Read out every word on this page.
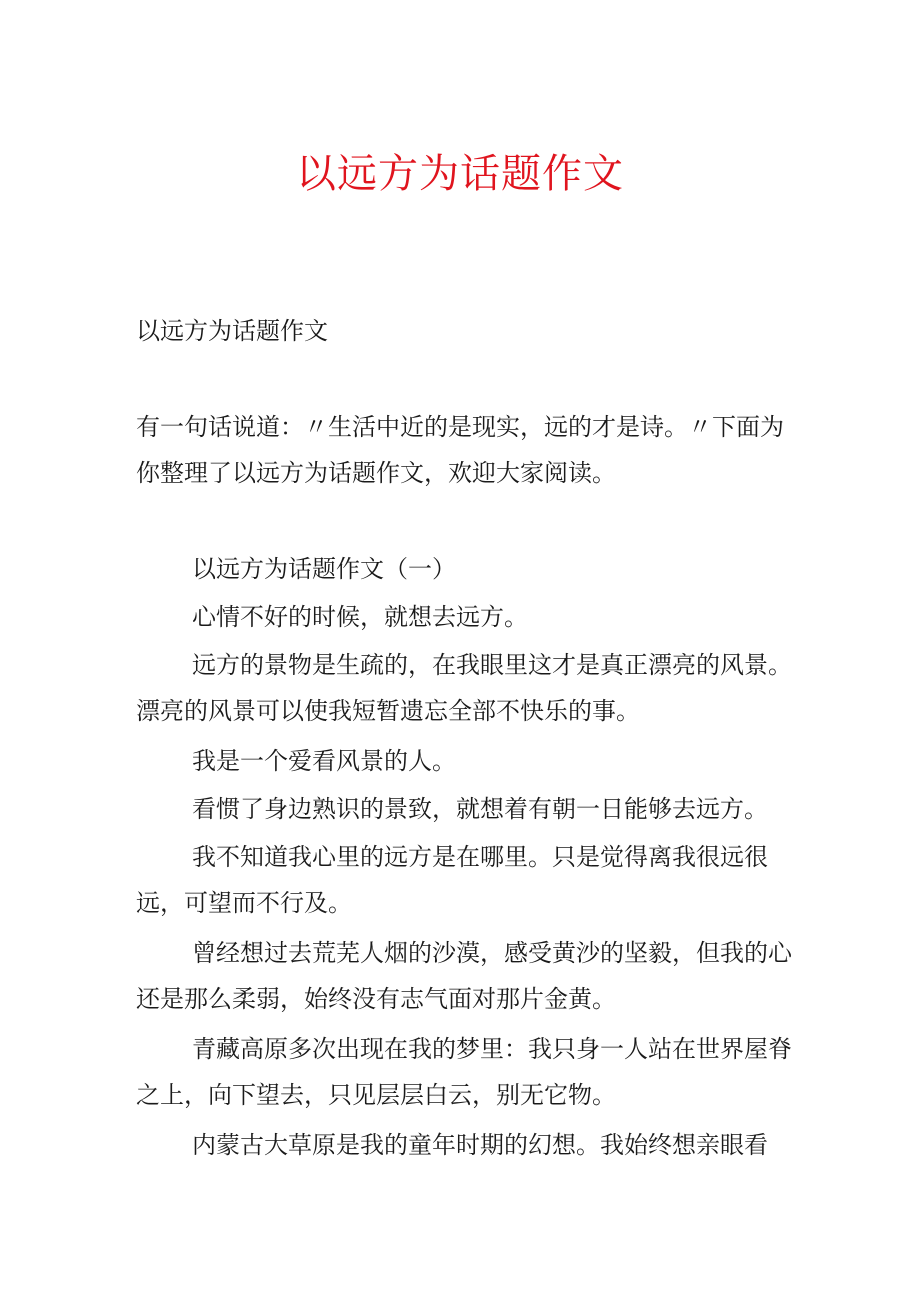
以远方为话题作文

以远方为话题作文

有一句话说道：〃生活中近的是现实，远的才是诗。〃下面为你整理了以远方为话题作文，欢迎大家阅读。

以远方为话题作文（一）

心情不好的时候，就想去远方。

远方的景物是生疏的，在我眼里这才是真正漂亮的风景。漂亮的风景可以使我短暂遗忘全部不快乐的事。

我是一个爱看风景的人。

看惯了身边熟识的景致，就想着有朝一日能够去远方。

我不知道我心里的远方是在哪里。只是觉得离我很远很远，可望而不行及。

曾经想过去荒芜人烟的沙漠，感受黄沙的坚毅，但我的心还是那么柔弱，始终没有志气面对那片金黄。

青藏高原多次出现在我的梦里：我只身一人站在世界屋脊之上，向下望去，只见层层白云，别无它物。

内蒙古大草原是我的童年时期的幻想。我始终想亲眼看
